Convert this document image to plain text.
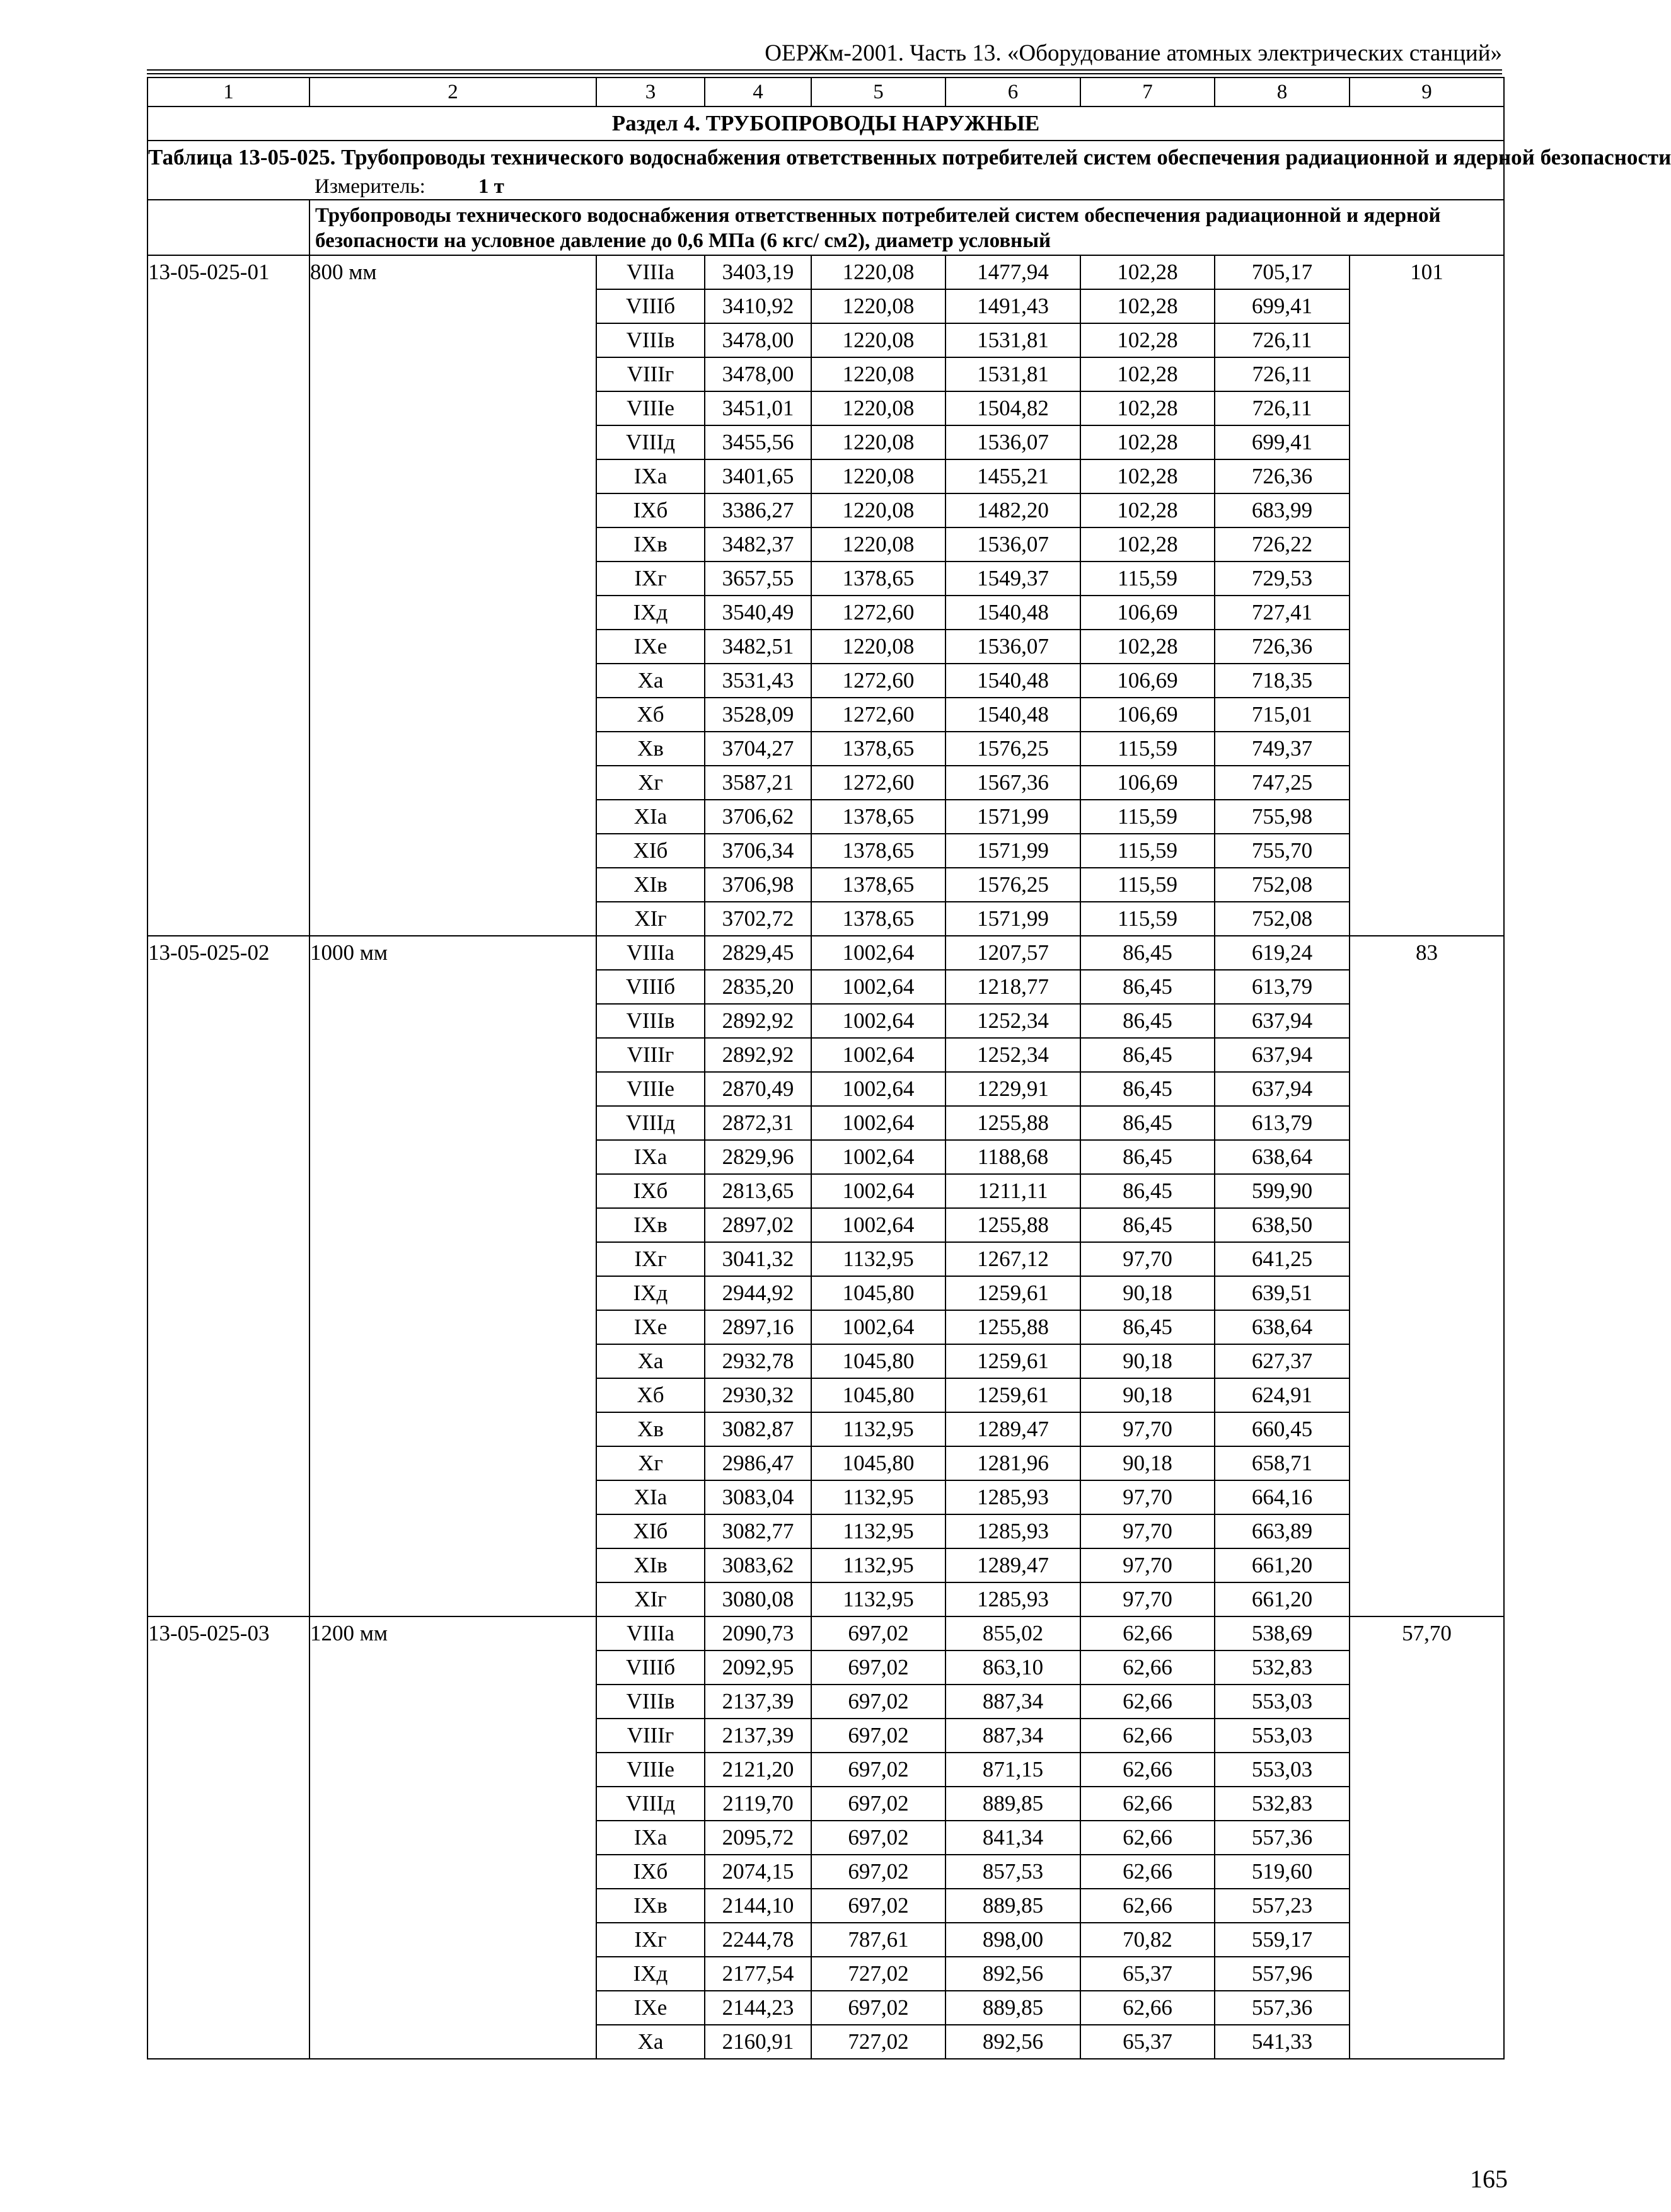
ОЕРЖм-2001. Часть 13. «Оборудование атомных электрических станций»
1	2	3	4	5	6	7	8	9
Раздел 4. ТРУБОПРОВОДЫ НАРУЖНЫЕ								
Таблица 13-05-025. Трубопроводы технического водоснабжения ответственных потребителей систем обеспечения радиационной и ядерной безопасности
Измеритель: 1 т								

	Трубопроводы технического водоснабжения ответственных потребителей систем обеспечения радиационной и ядерной безопасности на условное давление до 0,6 МПа (6 кгс/ см2), диаметр условный							
13-05-025-01	800 мм	VIIIа	3403,19	1220,08	1477,94	102,28	705,17	101
		VIIIб	3410,92	1220,08	1491,43	102,28	699,41	
		VIIIв	3478,00	1220,08	1531,81	102,28	726,11	
		VIIIг	3478,00	1220,08	1531,81	102,28	726,11	
		VIIIе	3451,01	1220,08	1504,82	102,28	726,11	
		VIIIд	3455,56	1220,08	1536,07	102,28	699,41	
		IXа	3401,65	1220,08	1455,21	102,28	726,36	
		IXб	3386,27	1220,08	1482,20	102,28	683,99	
		IXв	3482,37	1220,08	1536,07	102,28	726,22	
		IXг	3657,55	1378,65	1549,37	115,59	729,53	
		IXд	3540,49	1272,60	1540,48	106,69	727,41	
		IXе	3482,51	1220,08	1536,07	102,28	726,36	
		Xа	3531,43	1272,60	1540,48	106,69	718,35	
		Xб	3528,09	1272,60	1540,48	106,69	715,01	
		Xв	3704,27	1378,65	1576,25	115,59	749,37	
		Xг	3587,21	1272,60	1567,36	106,69	747,25	
		XIа	3706,62	1378,65	1571,99	115,59	755,98	
		XIб	3706,34	1378,65	1571,99	115,59	755,70	
		XIв	3706,98	1378,65	1576,25	115,59	752,08	
		XIг	3702,72	1378,65	1571,99	115,59	752,08	
13-05-025-02	1000 мм	VIIIа	2829,45	1002,64	1207,57	86,45	619,24	83
		VIIIб	2835,20	1002,64	1218,77	86,45	613,79	
		VIIIв	2892,92	1002,64	1252,34	86,45	637,94	
		VIIIг	2892,92	1002,64	1252,34	86,45	637,94	
		VIIIе	2870,49	1002,64	1229,91	86,45	637,94	
		VIIIд	2872,31	1002,64	1255,88	86,45	613,79	
		IXа	2829,96	1002,64	1188,68	86,45	638,64	
		IXб	2813,65	1002,64	1211,11	86,45	599,90	
		IXв	2897,02	1002,64	1255,88	86,45	638,50	
		IXг	3041,32	1132,95	1267,12	97,70	641,25	
		IXд	2944,92	1045,80	1259,61	90,18	639,51	
		IXе	2897,16	1002,64	1255,88	86,45	638,64	
		Xа	2932,78	1045,80	1259,61	90,18	627,37	
		Xб	2930,32	1045,80	1259,61	90,18	624,91	
		Xв	3082,87	1132,95	1289,47	97,70	660,45	
		Xг	2986,47	1045,80	1281,96	90,18	658,71	
		XIа	3083,04	1132,95	1285,93	97,70	664,16	
		XIб	3082,77	1132,95	1285,93	97,70	663,89	
		XIв	3083,62	1132,95	1289,47	97,70	661,20	
		XIг	3080,08	1132,95	1285,93	97,70	661,20	
13-05-025-03	1200 мм	VIIIа	2090,73	697,02	855,02	62,66	538,69	57,70
		VIIIб	2092,95	697,02	863,10	62,66	532,83	
		VIIIв	2137,39	697,02	887,34	62,66	553,03	
		VIIIг	2137,39	697,02	887,34	62,66	553,03	
		VIIIе	2121,20	697,02	871,15	62,66	553,03	
		VIIIд	2119,70	697,02	889,85	62,66	532,83	
		IXа	2095,72	697,02	841,34	62,66	557,36	
		IXб	2074,15	697,02	857,53	62,66	519,60	
		IXв	2144,10	697,02	889,85	62,66	557,23	
		IXг	2244,78	787,61	898,00	70,82	559,17	
		IXд	2177,54	727,02	892,56	65,37	557,96	
		IXе	2144,23	697,02	889,85	62,66	557,36	
		Xа	2160,91	727,02	892,56	65,37	541,33	
165
